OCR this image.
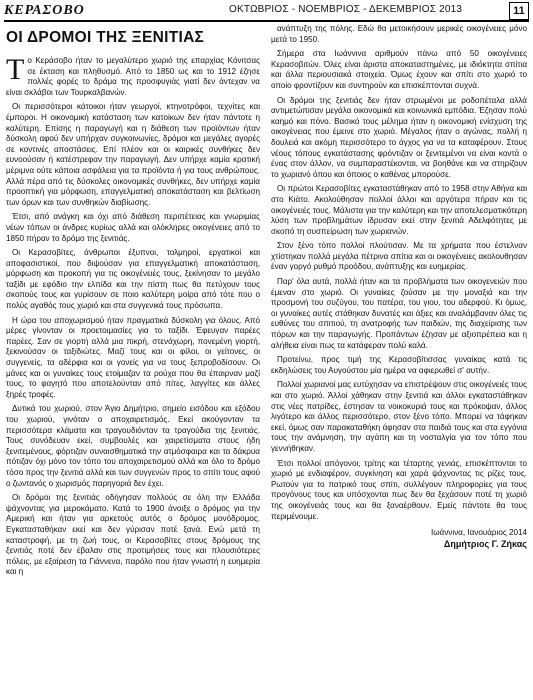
ΚΕΡΑΣΟΒΟ	ΟΚΤΩΒΡΙΟΣ - ΝΟΕΜΒΡΙΟΣ - ΔΕΚΕΜΒΡΙΟΣ 2013	11
ΟΙ ΔΡΟΜΟΙ ΤΗΣ ΞΕΝΙΤΙΑΣ

Το Κεράσοβο ήταν το μεγαλύτερο χωριό της επαρχίας Κόνιτσας σε έκταση και πληθυσμό. Από το 1850 ως και το 1912 έζησε πολλές φορές το δράμα της προσφυγιάς γιατί δεν άντεχαν να είναι σκλάβοι των Τουρκαλβανών.

Οι περισσότεροι κάτοικοι ήταν γεωργοί, κτηνοτρόφοι, τεχνίτες και έμποροι. Η οικονομική κατάσταση των κατοίκων δεν ήταν πάντοτε η καλύτερη. Επίσης η παραγωγή και η διάθεση των προϊόντων ήταν δύσκολη αφού δεν υπήρχαν συγκοινωνίες, δρόμοι και μεγάλες αγορές σε κοντινές αποστάσεις. Επί πλέον και οι καιρικές συνθήκες δεν ευνοούσαν ή κατέστρεφαν την παραγωγή. Δεν υπήρχε καμία κρατική μέριμνα ούτε κάποια ασφάλεια για τα προϊόντα ή για τους ανθρώπους. Αλλά πέρα από τις δύσκολες οικονομικές συνθήκες, δεν υπήρχε καμία προοπτική για μόρφωση, επαγγελματική αποκατάσταση και βελτίωση των όρων και των συνθηκών διαβίωσης.

Έτσι, από ανάγκη και όχι από διάθεση περιπέτειας και γνωριμίας νέων τόπων οι άνδρες κυρίως αλλά και ολόκληρες οικογένειες από το 1850 πήραν το δρόμο της ξενιτιάς.

Οι Κερασοβίτες, άνθρωποι έξυπνοι, τολμηροί, εργατικοί και αποφασιστικοί, που διψούσαν για επαγγελματική αποκατάσταση, μόρφωση και προκοπή για τις οικογένειές τους, ξεκίνησαν το μεγάλο ταξίδι με εφόδιο την ελπίδα και την πίστη πως θα πετύχουν τους σκοπούς τους και γυρίσουν σε ποιο καλύτερη μοίρα από τότε που ο πολύς αγαθός τους χωριό και στα συγγενικά τους πρόσωπα.

Η ώρα του αποχωρισμού ήταν πραγματικά δύσκολη για όλους. Από μέρες γίνονταν οι προετοιμασίες για το ταξίδι. Έφευγαν παρέες παρέες. Σαν σε γιορτή αλλά μια πικρή, στενάχωρη, πονεμένη γιορτή, ξεκινούσαν οι ταξιδιώτες. Μαζί τους και οι φίλοι, οι γείτονες, οι συγγενείς, τα αδέρφια και οι γονείς για να τους ξεπροβοδίσουν. Οι μάνες και οι γυναίκες τους ετοίμαζαν τα ρούχα που θα έπαιρναν μαζί τους, το φαγητό που αποτελούνταν από πίτες, λαγγίτες και άλλες ξηρές τροφές.

Δυτικά του χωριού, στον Άγιο Δημήτριο, σημείο εισόδου και εξόδου του χωριού, γινόταν ο αποχαιρετισμός. Εκεί ακούγονταν τα περισσότερα κλάματα και τραγουδιόνταν τα τραγούδια της ξενιτιάς. Τους συνόδευαν εκεί, συμβουλές και χαιρετίσματα στους ήδη ξενιτεμένους, φόρτιζαν συναισθηματικά την ατμόσφαιρα και τα δάκρυα πότιζαν όχι μόνο τον τόπο του αποχαιρετισμού αλλά και όλο το δρόμο τόσο προς την ξενιτιά αλλά και των συγγενών προς το σπίτι τους αφού ο ζωντανός ο χωρισμός παρηγοριά δεν έχει.

Οι δρόμοι της ξενιτιάς οδήγησαν πολλούς σε όλη την Ελλάδα ψάχνοντας για μεροκάματο. Κατά το 1900 άνοιξε ο δρόμος για την Αμερική και ήταν για αρκετούς αυτός ο δρόμος μονόδρομος. Εγκατασταθήκαν εκεί και δεν γύρισαν ποτέ ξανά. Ενώ μετά τη καταστροφή, με τη ζωή τους, οι Κερασοβίτες στους δρόμους της ξενιτιάς ποτέ δεν έβαλαν στις προτιμήσεις τους και πλουσιότερες πόλεις, με εξαίρεση τα Γιάννενα, παρόλο που ήταν γνωστή η ευημερία και η

ανάπτυξη της πόλης. Εδώ θα μετοικήσουν μερικές οικογένειες μόνο μετά το 1950.

Σήμερα στα Ιωάννινα αριθμούν πάνω από 50 οικογένειες Κερασοβιτών. Όλες είναι άριστα αποκαταστημένες, με ιδιόκτητα σπίτια και άλλα περιουσιακά στοιχεία. Όμως έχουν και σπίτι στο χωριό το οποίο φροντίζουν και συντηρούν και επισκέπτονται συχνά.

Οι δρόμοι της ξενιτιάς δεν ήταν στρωμένοι με ροδοπέταλα αλλά αντιμετώπισαν μεγάλα οικονομικά και κοινωνικά εμπόδια. Έζησαν πολύ καημό και πόνο. Βασικό τους μέλημα ήταν η οικονομική ενίσχυση της οικογένειας που έμεινε στο χωριό. Μέγαλος ήταν ο αγώνας, πολλή η δουλειά και ακόμη περισσότερο το άγχος για να τα καταφέρουν. Στους νέους τόπους εγκατάστασης φρόντιζαν οι ξενιτεμένοι να είναι κοντά ο ένας στον άλλον, να συμπαραστέκονται, να βοηθάνε και να στηρίζουν το χωριανό όπου και όποιος ο καθένας μπορούσε.

Οι πρώτοι Κερασοβίτες εγκαταστάθηκαν από το 1958 στην Αθήνα και στο Κιάτο. Ακολούθησαν πολλοί άλλοι και αργότερα πήραν και τις οικογένειές τους. Μάλιστα για την καλύτερη και την αποτελεσματικότερη λύση των προβλημάτων ίδρυσαν εκεί στην ξενιτιά Αδελφότητες με σκοπό τη συσπείρωση των χωριανών.

Στον ξένο τόπο πολλοί πλούτισαν. Με τα χρήματα που έστελναν χτίστηκαν πολλά μεγάλα πέτρινα σπίτια και οι οικογένειες ακολουθησαν έναν γοργό ρυθμό προόδου, ανάπτυξης και ευημερίας.

Παρ' όλα αυτά, πολλά ήταν και τα προβλήματα των οικογενειών που έμεναν στο χωριό. Οι γυναίκες ζούσαν με την μοναξιά και την προσμονή του συζύγου, του πατέρα, του γιου, του αδερφού. Κι όμως, οι γυναίκες αυτές στάθηκαν δυνατές και άξιες και αναλάμβαναν όλες τις ευθύνες του σπιτιού, τη ανατροφής των παιδιών, της διαχείρισης των πόρων και την παραγωγής. Προπάντων έζησαν με αξιοπρέπεια και η αλήθεια είναι πως τα κατάφεραν πολύ καλά.

Προτείνω, προς τιμή της Κερασοβίτισσας γυναίκας κατά τις εκδηλώσεις του Αυγούστου μία ημέρα να αφιερωθεί σ' αυτήν.

Πολλοί χωριανοί μας ευτύχησαν να επιστρέψουν στις οικογένειές τους και στο χωριό. Άλλοί χάθηκαν στην ξενιτιά και άλλοι εγκαταστάθηκαν στις νέες πατρίδες, έστησαν τα νοικοκυριά τους και πρόκοψαν, άλλος λιγότερο και άλλος περισσότερο, στον ξένο τόπο. Μπορεί να τάφηκαν εκεί, όμως σαν παρακαταθήκη άφησαν στα παιδιά τους και στα εγγόνια τους την ανάμνηση, την αγάπη και τη νοσταλγία για τον τόπο που γεννήθηκαν.

Έτσι πολλοί απόγονοι, τρίτης και τέταρτης γενιάς, επισκέπτονται το χωριό με ενδιαφέρον, συγκίνηση και χαρά ψάχνοντας τις ρίζες τους. Ρωτούν για το πατρικό τους σπίτι, συλλέγουν πληροφορίες για τους προγόνους τους και υπόσχονται πως δεν θα ξεχάσουν ποτέ τη χωριό της οικογένειάς τους και θα ξαναέρθουν. Εμείς πάντοτε θα τους περιμένουμε.

Ιωάννινα, Ιανουάριος 2014
Δημήτριος Γ. Ζήκας
